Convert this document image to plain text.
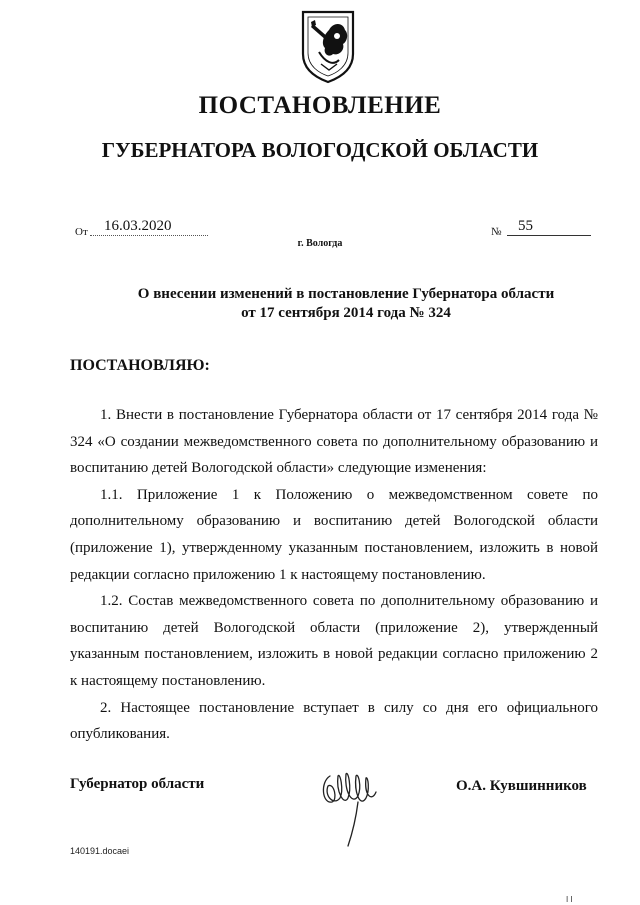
ПОСТАНОВЛЕНИЕ
ГУБЕРНАТОРА ВОЛОГОДСКОЙ ОБЛАСТИ
От	16.03.2020	№ 55
г. Вологда
О внесении изменений в постановление Губернатора области
от 17 сентября 2014 года № 324
ПОСТАНОВЛЯЮ:

1. Внести в постановление Губернатора области от 17 сентября 2014 года № 324 «О создании межведомственного совета по дополнительному образованию и воспитанию детей Вологодской области» следующие изменения:

1.1. Приложение 1 к Положению о межведомственном совете по дополнительному образованию и воспитанию детей Вологодской области (приложение 1), утвержденному указанным постановлением, изложить в новой редакции согласно приложению 1 к настоящему постановлению.

1.2. Состав межведомственного совета по дополнительному образованию и воспитанию детей Вологодской области (приложение 2), утвержденный указанным постановлением, изложить в новой редакции согласно приложению 2 к настоящему постановлению.

2. Настоящее постановление вступает в силу со дня его официального опубликования.

Губернатор области	О.А. Кувшинников
140191.docaei
I I
